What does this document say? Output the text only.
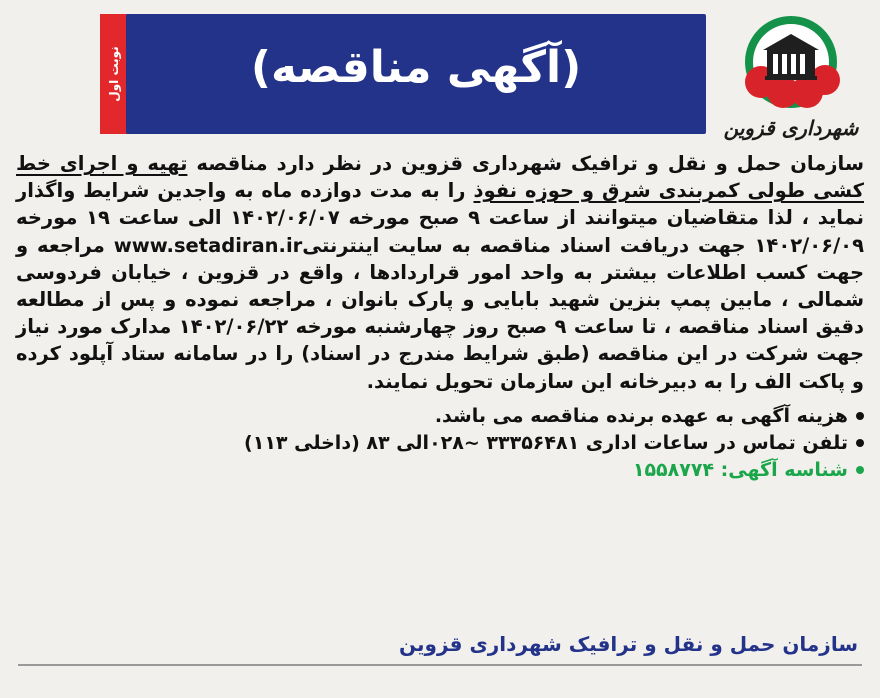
نوبت اول	(آگهی مناقصه)
شهرداری قزوین

سازمان حمل و نقل و ترافیک شهرداری قزوین در نظر دارد مناقصه تهیه و اجرای خط کشی طولی کمربندی شرق و حوزه نفوذ را به مدت دوازده ماه به واجدین شرایط واگذار نماید ، لذا متقاضیان میتوانند از ساعت ۹ صبح مورخه ۱۴۰۲/۰۶/۰۷ الی ساعت ۱۹ مورخه ۱۴۰۲/۰۶/۰۹ جهت دریافت اسناد مناقصه به سایت اینترنتیwww.setadiran.ir مراجعه و جهت کسب اطلاعات بیشتر به واحد امور قراردادها ، واقع در قزوین ، خیابان فردوسی شمالی ، مابین پمپ بنزین شهید بابایی و پارک بانوان ، مراجعه نموده و پس از مطالعه دقیق اسناد مناقصه ، تا ساعت ۹ صبح روز چهارشنبه مورخه ۱۴۰۲/۰۶/۲۲ مدارک مورد نیاز جهت شرکت در این مناقصه (طبق شرایط مندرج در اسناد) را در سامانه ستاد آپلود کرده و پاکت الف را به دبیرخانه این سازمان تحویل نمایند.

هزینه آگهی به عهده برنده مناقصه می باشد.
تلفن تماس در ساعات اداری ۳۳۳۵۶۴۸۱ ~۰۲۸الی ۸۳ (داخلی ۱۱۳)
شناسه آگهی: ۱۵۵۸۷۷۴
سازمان حمل و نقل و ترافیک شهرداری قزوین
